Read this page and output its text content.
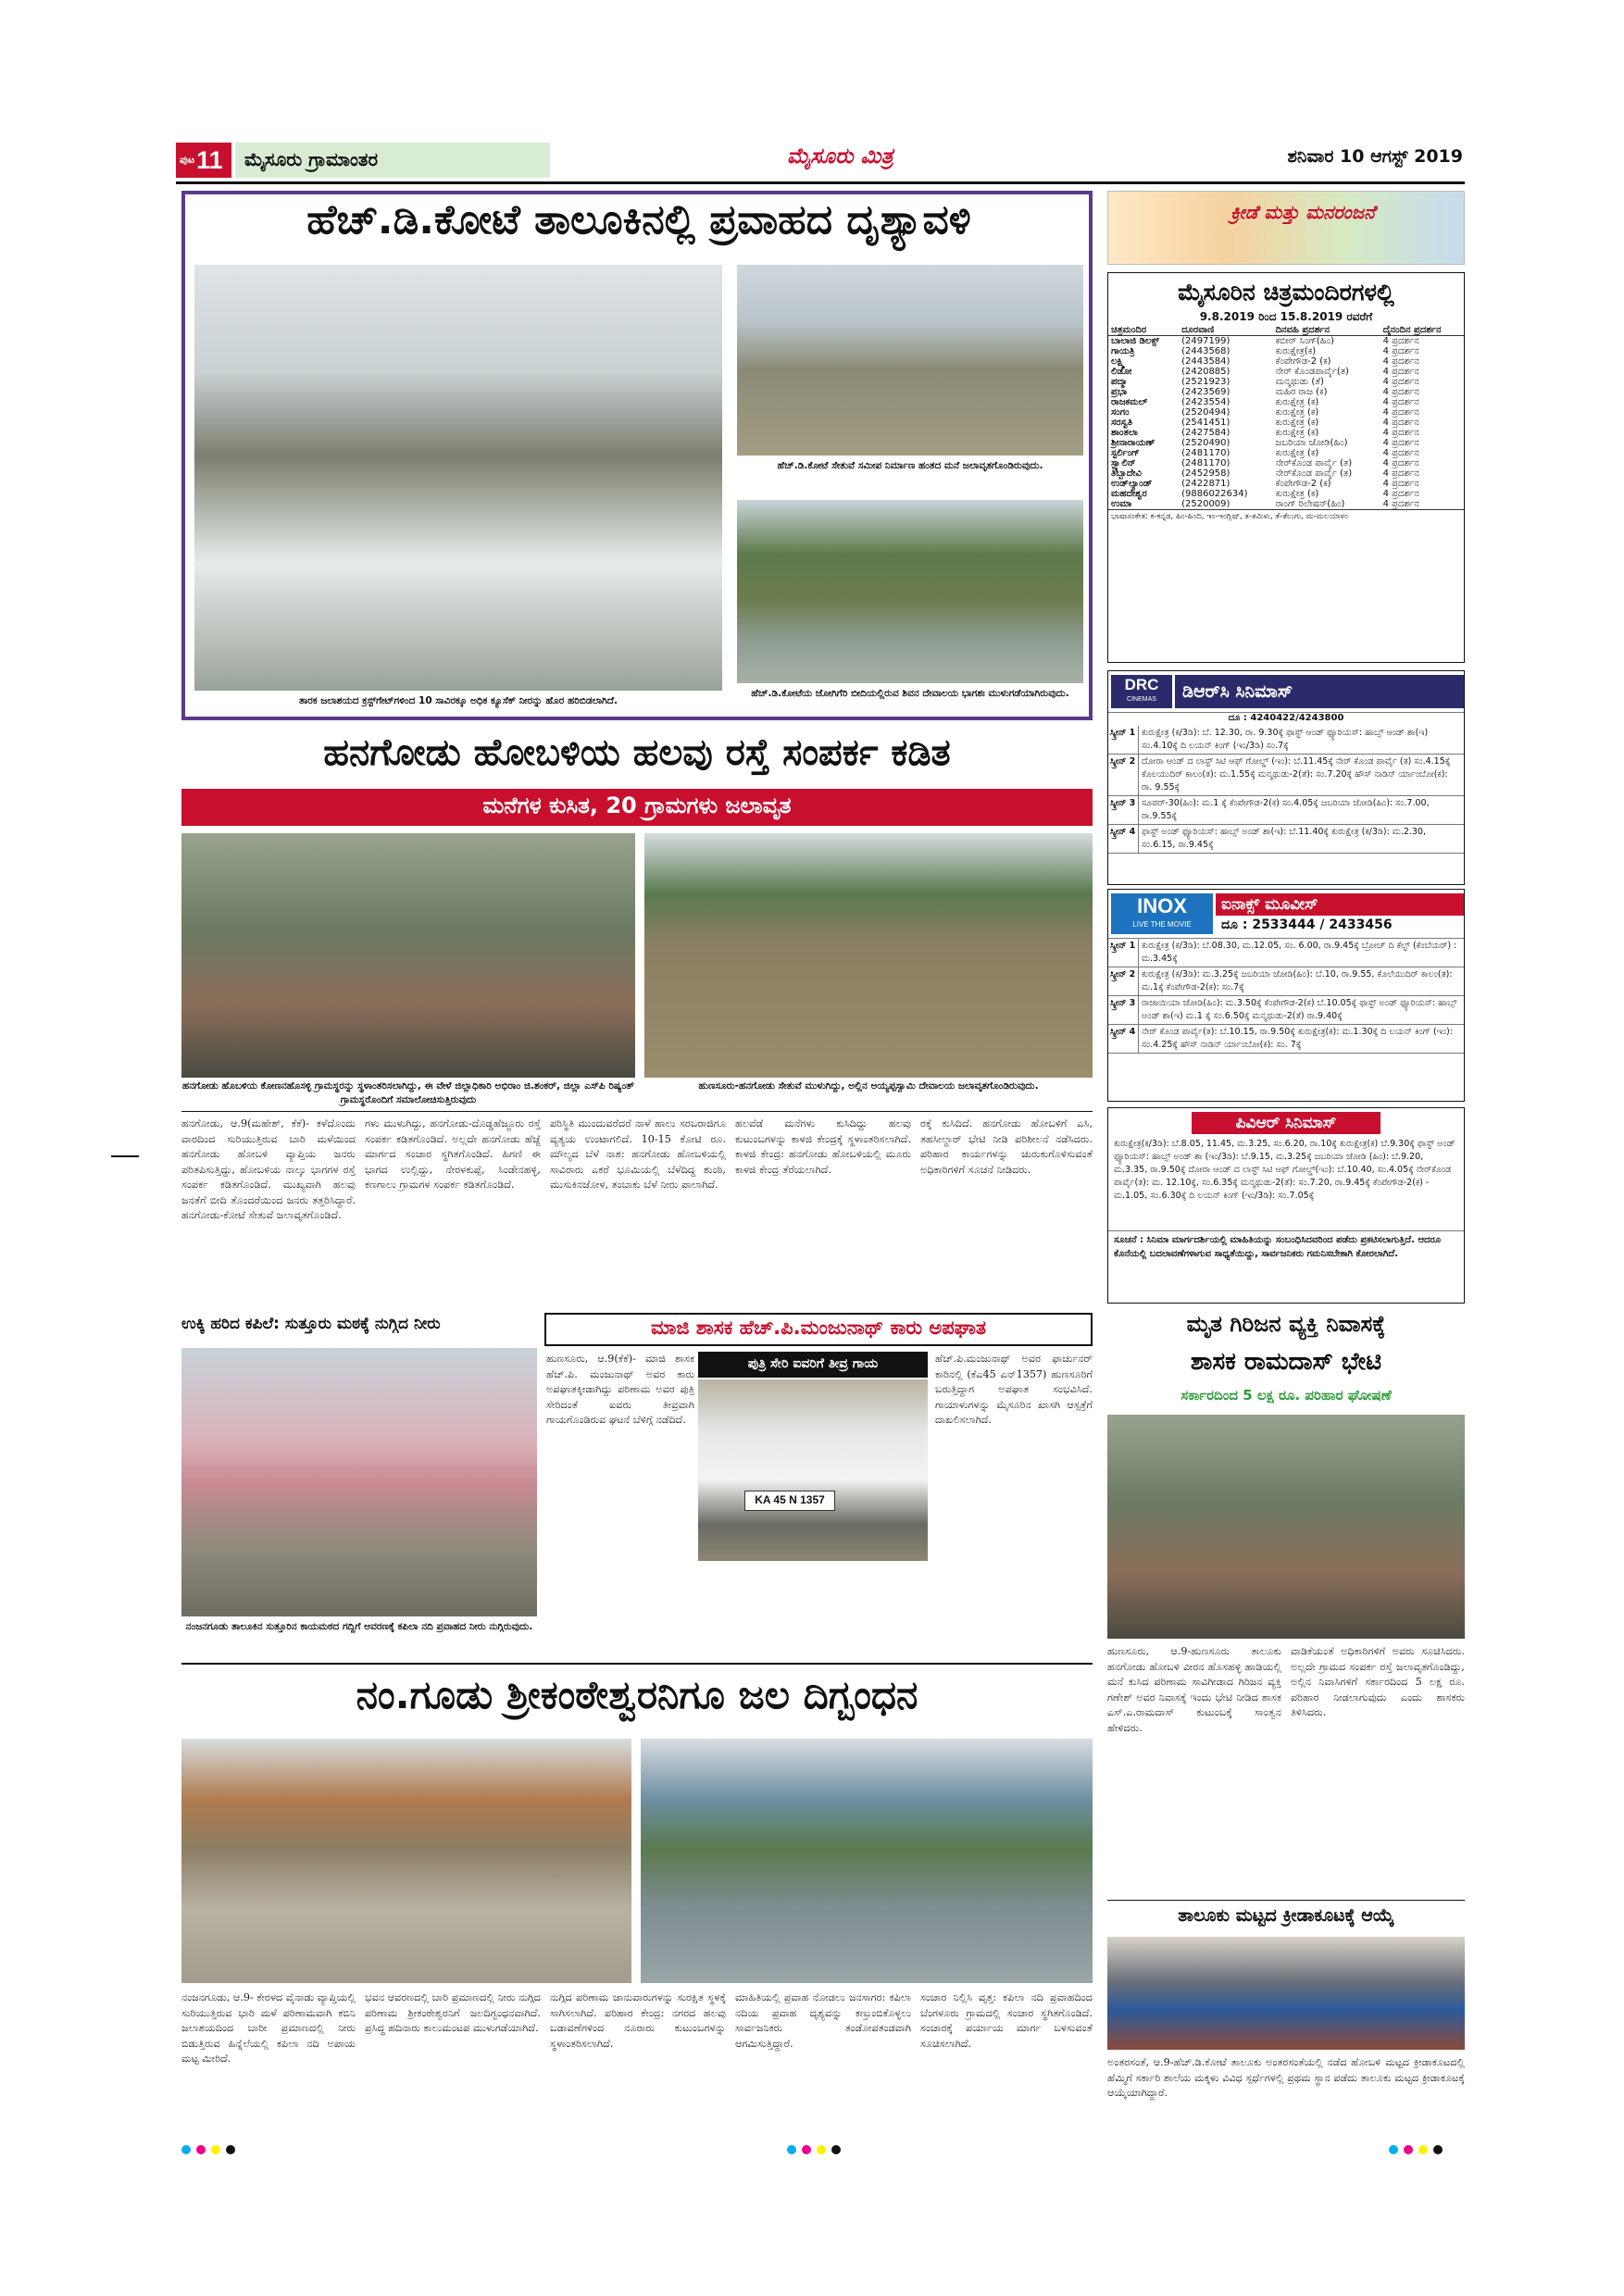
ಪುಟ 11	ಮೈಸೂರು ಗ್ರಾಮಾಂತರ	ಮೈಸೂರು ಮಿತ್ರ	ಶನಿವಾರ 10 ಆಗಸ್ಟ್ 2019
ಹೆಚ್.ಡಿ.ಕೋಟೆ ತಾಲೂಕಿನಲ್ಲಿ ಪ್ರವಾಹದ ದೃಶ್ಯಾವಳಿ
ತಾರಕ ಜಲಾಶಯದ ಕ್ರಸ್ಟ್‌ಗೇಟ್‌ಗಳಿಂದ 10 ಸಾವಿರಕ್ಕೂ ಅಧಿಕ ಕ್ಯೂಸೆಕ್ ನೀರನ್ನು ಹೊರ ಹರಿಬಿಡಲಾಗಿದೆ.
ಹೆಚ್.ಡಿ.ಕೋಟೆ ಸೇತುವೆ ಸಮೀಪ ನಿರ್ಮಾಣ ಹಂತದ ಮನೆ ಜಲಾವೃತಗೊಂಡಿರುವುದು.
ಹೆಚ್.ಡಿ.ಕೋಟೆಯ ಜೋಗಿಗೆರಿ ಬೀದಿಯಲ್ಲಿರುವ ಶಿವನ ದೇವಾಲಯ ಭಾಗಶಃ ಮುಳುಗಡೆಯಾಗಿರುವುದು.
ಹನಗೋಡು ಹೋಬಳಿಯ ಹಲವು ರಸ್ತೆ ಸಂಪರ್ಕ ಕಡಿತ
ಮನೆಗಳ ಕುಸಿತ, 20 ಗ್ರಾಮಗಳು ಜಲಾವೃತ
ಹನಗೋಡು ಹೊಬಳಿಯ ಕೋಣನಹೊಸಳ್ಳಿ ಗ್ರಾಮಸ್ಥರನ್ನು ಸ್ಥಳಾಂತರಿಸಲಾಗಿದ್ದು, ಈ ವೇಳೆ ಜಿಲ್ಲಾಧಿಕಾರಿ ಅಭಿರಾಂ ಜಿ.ಶಂಕರ್, ಜಿಲ್ಲಾ ಎಸ್‌ಪಿ ರಿಷ್ಯಂತ್ ಗ್ರಾಮಸ್ಥರೊಂದಿಗೆ ಸಮಾಲೋಚಿಸುತ್ತಿರುವುದು
ಹುಣಸೂರು-ಹನಗೋಡು ಸೇತುವೆ ಮುಳುಗಿದ್ದು, ಅಲ್ಲಿನ ಅಯ್ಯಪ್ಪಸ್ವಾಮಿ ದೇವಾಲಯ ಜಲಾವೃತಗೊಂಡಿರುವುದು.
ಹನಗೋಡು, ಆ.9(ಮಹೇಶ್, ಕೆಕೆ)- ಕಳೆದೊಂದು ವಾರದಿಂದ ಸುರಿಯುತ್ತಿರುವ ಬಾರಿ ಮಳೆಯಿಂದ ಹನಗೋಡು ಹೋಬಳಿ ವ್ಯಾಪ್ತಿಯ ಜನರು ಪರಿತಪಿಸುತ್ತಿದ್ದು, ಹೋಬಳಿಯ ನಾಲ್ಕು ಭಾಗಗಳ ರಸ್ತೆ ಸಂಪರ್ಕ ಕಡಿತಗೊಂಡಿದೆ. ಮುಖ್ಯವಾಗಿ ಹಲವು ಜನತೆಗೆ ಬೀದಿ ತೊಂದರೆಯಿಂದ ಜನರು ತತ್ತರಿಸಿದ್ದಾರೆ. ಹನಗೋಡು-ಕೋಟೆ ಸೇತುವೆ ಜಲಾವೃತಗೊಂಡಿದೆ.
ಗಳು ಮುಳುಗಿದ್ದು, ಹನಗೋಡು-ದೊಡ್ಡಹೆಜ್ಜೂರು ರಸ್ತೆ ಸಂಪರ್ಕ ಕಡಿತಗೊಂಡಿದೆ. ಅಲ್ಲದೇ ಹನಗೋಡು ಹೆಜ್ಜೆ ಮಾರ್ಗದ ಸಂಚಾರ ಸ್ಥಗಿತಗೊಂಡಿದೆ. ಹಿಗಣಿ ಈ ಭಾಗದ ಉಲ್ಲಿದ್ದು, ನೇರಳಕುಪ್ಪೆ, ಸಿಂಡೇನಹಳ್ಳಿ, ಕಣಗಾಲು ಗ್ರಾಮಗಳ ಸಂಪರ್ಕ ಕಡಿತಗೊಂಡಿದೆ.
ಪರಿಸ್ಥಿತಿ ಮುಂದುವರೆದರೆ ನಾಳೆ ಹಾಲು ಸರಬರಾಜಿಗೂ ವ್ಯತ್ಯಯ ಉಂಟಾಗಲಿದೆ. 10-15 ಕೋಟಿ ರೂ. ಮೌಲ್ಯದ ಬೆಳೆ ನಾಶ: ಹನಗೋಡು ಹೋಬಳಿಯಲ್ಲಿ ಸಾವಿರಾರು ಎಕರೆ ಭೂಮಿಯಲ್ಲಿ ಬೆಳೆದಿದ್ದ ಶುಂಠಿ, ಮುಸುಕಿನಜೋಳ, ತಂಬಾಕು ಬೆಳೆ ನೀರು ಪಾಲಾಗಿದೆ.
ಹಲವೆಡೆ ಮನೆಗಳು ಕುಸಿದಿದ್ದು ಹಲವು ಕುಟುಂಬಗಳನ್ನು ಕಾಳಜಿ ಕೇಂದ್ರಕ್ಕೆ ಸ್ಥಳಾಂತರಿಸಲಾಗಿದೆ. ಕಾಳಜಿ ಕೇಂದ್ರ: ಹನಗೋಡು ಹೋಬಳಿಯಲ್ಲಿ ಮೂರು ಕಾಳಜಿ ಕೇಂದ್ರ ತೆರೆಯಲಾಗಿದೆ.
ರಕ್ಕೆ ಕುಸಿದಿದೆ. ಹನಗೋಡು ಹೋಬಳಿಗೆ ಎಸಿ, ತಹಸೀಲ್ದಾರ್ ಭೇಟಿ ನೀಡಿ ಪರಿಶೀಲನೆ ನಡೆಸಿದರು. ಪರಿಹಾರ ಕಾರ್ಯಗಳನ್ನು ಚುರುಕುಗೊಳಿಸುವಂತೆ ಅಧಿಕಾರಿಗಳಿಗೆ ಸೂಚನೆ ನೀಡಿದರು.
ಉಕ್ಕಿ ಹರಿದ ಕಪಿಲೆ: ಸುತ್ತೂರು ಮಠಕ್ಕೆ ನುಗ್ಗಿದ ನೀರು
ನಂಜನಗೂಡು ತಾಲೂಕಿನ ಸುತ್ತೂರಿನ ಕಾಯಮಠದ ಗದ್ದಿಗೆ ಆವರಣಕ್ಕೆ ಕಪಿಲಾ ನದಿ ಪ್ರವಾಹದ ನೀರು ನುಗ್ಗಿರುವುದು.
ಮಾಜಿ ಶಾಸಕ ಹೆಚ್.ಪಿ.ಮಂಜುನಾಥ್ ಕಾರು ಅಪಘಾತ
ಹುಣಸೂರು, ಆ.9(ಕೆಕೆ)- ಮಾಜಿ ಶಾಸಕ ಹೆಚ್.ಪಿ. ಮಂಜುನಾಥ್ ಅವರ ಕಾರು ಅಪಘಾತಕ್ಕೀಡಾಗಿದ್ದು ಪರಿಣಾಮ ಅವರ ಪುತ್ರಿ ಸೇರಿದಂತೆ ಐವರು ತೀವ್ರವಾಗಿ ಗಾಯಗೊಂಡಿರುವ ಘಟನೆ ಬೆಳಿಗ್ಗೆ ನಡೆದಿದೆ.
ಪುತ್ರಿ ಸೇರಿ ಐವರಿಗೆ ತೀವ್ರ ಗಾಯ
KA 45 N 1357
ಹೆಚ್.ಪಿ.ಮಂಜುನಾಥ್ ಅವರ ಫಾರ್ಚುನರ್ ಕಾರಿನಲ್ಲಿ (ಕೆಎ45 ಎನ್1357) ಹುಣಸೂರಿಗೆ ಬರುತ್ತಿದ್ದಾಗ ಅಪಘಾತ ಸಂಭವಿಸಿದೆ. ಗಾಯಾಳುಗಳನ್ನು ಮೈಸೂರಿನ ಖಾಸಗಿ ಆಸ್ಪತ್ರೆಗೆ ದಾಖಲಿಸಲಾಗಿದೆ.
ನಂ.ಗೂಡು ಶ್ರೀಕಂಠೇಶ್ವರನಿಗೂ ಜಲ ದಿಗ್ಬಂಧನ
ನಂಜನಗೂಡು, ಆ.9- ಕೇರಳದ ವೈನಾಡು ವ್ಯಾಪ್ತಿಯಲ್ಲಿ ಸುರಿಯುತ್ತಿರುವ ಭಾರಿ ಮಳೆ ಪರಿಣಾಮವಾಗಿ ಕಬಿನಿ ಜಲಾಶಯದಿಂದ ಬಾರೀ ಪ್ರಮಾಣದಲ್ಲಿ ನೀರು ಬಿಡುತ್ತಿರುವ ಹಿನ್ನೆಲೆಯಲ್ಲಿ ಕಪಿಲಾ ನದಿ ಅಪಾಯ ಮಟ್ಟ ಮೀರಿದೆ.
ಭವನ ಆವರಣದಲ್ಲಿ ಬಾರಿ ಪ್ರಮಾಣದಲ್ಲಿ ನೀರು ನುಗ್ಗಿದ ಪರಿಣಾಮ ಶ್ರೀಕಂಠೇಶ್ವರನಿಗೆ ಜಲದಿಗ್ಬಂಧನವಾಗಿದೆ. ಪ್ರಸಿದ್ಧ ಹದಿನಾರು ಕಾಲುಮಂಟಪ ಮುಳುಗಡೆಯಾಗಿದೆ.
ನುಗ್ಗಿದ ಪರಿಣಾಮ ಜಾನುವಾರುಗಳನ್ನು ಸುರಕ್ಷಿತ ಸ್ಥಳಕ್ಕೆ ಸಾಗಿಸಲಾಗಿದೆ. ಪರಿಹಾರ ಕೇಂದ್ರ: ನಗರದ ಹಲವು ಬಡಾವಣೆಗಳಿಂದ ನೂರಾರು ಕುಟುಂಬಗಳನ್ನು ಸ್ಥಳಾಂತರಿಸಲಾಗಿದೆ.
ಮಾಹಿತಿಯಲ್ಲಿ ಪ್ರವಾಹ ನೋಡಲು ಜನಸಾಗರ: ಕಪಿಲಾ ನದಿಯ ಪ್ರವಾಹ ದೃಶ್ಯವನ್ನು ಕಣ್ತುಂಬಿಕೊಳ್ಳಲು ಸಾರ್ವಜನಿಕರು ತಂಡೋಪತಂಡವಾಗಿ ಆಗಮಿಸುತ್ತಿದ್ದಾರೆ.
ಸಂಚಾರ ನಿಲ್ಲಿಸಿ ವೃತ್ತ: ಕಪಿಲಾ ನದಿ ಪ್ರವಾಹದಿಂದ ಬೆಂಗಳೂರು ಗ್ರಾಮದಲ್ಲಿ ಸಂಚಾರ ಸ್ಥಗಿತಗೊಂಡಿದೆ. ಸಂಚಾರಕ್ಕೆ ಪರ್ಯಾಯ ಮಾರ್ಗ ಬಳಸುವಂತೆ ಸೂಚಿಸಲಾಗಿದೆ.
ಕ್ರೀಡೆ ಮತ್ತು ಮನರಂಜನೆ
ಮೈಸೂರಿನ ಚಿತ್ರಮಂದಿರಗಳಲ್ಲಿ
9.8.2019 ರಿಂದ 15.8.2019 ರವರೆಗೆ
ಚಿತ್ರಮಂದಿರ	ದೂರವಾಣಿ	ದಿನವಹಿ ಪ್ರದರ್ಶನ	ದೈನಂದಿನ ಪ್ರದರ್ಶನ
ಬಾಲಾಜಿ ಡಿಲಕ್ಸ್	(2497199)	ಕಬೀರ್ ಸಿಂಗ್(ಹಿಂ)	4 ಪ್ರದರ್ಶನ
ಗಾಯತ್ರಿ	(2443568)	ಕುರುಕ್ಷೇತ್ರ(ಕ)	4 ಪ್ರದರ್ಶನ
ಲಕ್ಷ್ಮಿ	(2443584)	ಕೆಂಪೇಗೌಡ-2 (ಕ)	4 ಪ್ರದರ್ಶನ
ಲಿಡೋ	(2420885)	ನೇರ್ ಕೊಂಡಪಾರ್ವೈ(ತ)	4 ಪ್ರದರ್ಶನ
ಪದ್ಮಾ	(2521923)	ಮನ್ಮಥುಡು (ತೆ)	4 ಪ್ರದರ್ಶನ
ಪ್ರಭಾ	(2423569)	ಮಹಿರ ರಾಜ (ಕ)	4 ಪ್ರದರ್ಶನ
ರಾಜಕಮಲ್	(2423554)	ಕುರುಕ್ಷೇತ್ರ (ಕ)	4 ಪ್ರದರ್ಶನ
ಸಂಗಂ	(2520494)	ಕುರುಕ್ಷೇತ್ರ (ಕ)	4 ಪ್ರದರ್ಶನ
ಸರಸ್ವತಿ	(2541451)	ಕುರುಕ್ಷೇತ್ರ (ಕ)	4 ಪ್ರದರ್ಶನ
ಶಾಂತಲಾ	(2427584)	ಕುರುಕ್ಷೇತ್ರ (ಕ)	4 ಪ್ರದರ್ಶನ
ಶ್ರೀನಾರಾಯಣ್	(2520490)	ಜಬರಿಯಾ ಜೋಡಿ(ಹಿಂ)	4 ಪ್ರದರ್ಶನ
ಸ್ಟರ್ಲಿಂಗ್	(2481170)	ಕುರುಕ್ಷೇತ್ರ (ಕ)	4 ಪ್ರದರ್ಶನ
ಸ್ಟ್ಯಾಲಿನ್	(2481170)	ನೇರ್‌ಕೊಂಡ ಪಾರ್ವೈ (ತ)	4 ಪ್ರದರ್ಶನ
ತಿಬ್ಬಾದೇವಿ	(2452958)	ನೇರ್‌ಕೊಂಡ ಪಾರ್ವೈ (ತ)	4 ಪ್ರದರ್ಶನ
ಉಡ್‌ಲ್ಯಾಂಡ್	(2422871)	ಕೆಂಪೇಗೌಡ-2 (ಕ)	4 ಪ್ರದರ್ಶನ
ಮಹದೇಶ್ವರ	(9886022634)	ಕುರುಕ್ಷೇತ್ರ (ಕ)	4 ಪ್ರದರ್ಶನ
ಉಮಾ	(2520009)	ರಾಂಗ್ ರಿಲೇಷನ್(ಹಿಂ)	4 ಪ್ರದರ್ಶನ
ಭಾಷಾಸಂಕೇತ: ಕ-ಕನ್ನಡ, ಹಿಂ-ಹಿಂದಿ, ಇಂ-ಇಂಗ್ಲಿಷ್, ತ-ತಮಿಳು, ತೆ-ತೆಲುಗು, ಮ-ಮಲಯಾಳಂ
DRC
CINEMAS	ಡಿಆರ್‌ಸಿ ಸಿನಿಮಾಸ್
ದೂ : 4240422/4243800
ಸ್ಕ್ರೀನ್ 1 ಕುರುಕ್ಷೇತ್ರ (ಕ/3ಡಿ): ಬೆ. 12.30, ರಾ. 9.30ಕ್ಕೆ ಫಾಸ್ಟ್ ಆಂಡ್ ಫ್ಯೂರಿಯಸ್: ಹಾಬ್ಸ್ ಆಂಡ್ ಶಾ(ಇ) ಸಂ.4.10ಕ್ಕೆ ದಿ ಲಯನ್ ಕಿಂಗ್ (ಇಂ/3ಡಿ) ಸಂ.7ಕ್ಕೆ
ಸ್ಕ್ರೀನ್ 2 ದೋರಾ ಆಂಡ್ ದ ಲಾಸ್ಟ್ ಸಿಟಿ ಆಫ್ ಗೋಲ್ಡ್ (ಇಂ): ಬೆ.11.45ಕ್ಕೆ ನೇರ್ ಕೊಂಡ ಪಾರ್ವೈ (ತ) ಸಂ.4.15ಕ್ಕೆ ಕೊಲಯುದಿರ್ ಕಾಲಂ(ತ): ಮ.1.55ಕ್ಕೆ ಮನ್ಮಥುಡು-2(ತೆ): ಸಂ.7.20ಕ್ಕೆ ಹೌಸ್ ನಾಡಿನ್ ರ್ಯಾಂಬೋ(ಕ): ರಾ. 9.55ಕ್ಕೆ
ಸ್ಕ್ರೀನ್ 3 ಸೂಪರ್-30(ಹಿಂ): ಮ.1 ಕ್ಕೆ ಕೆಂಪೇಗೌಡ-2(ಕ) ಸಂ.4.05ಕ್ಕೆ ಜಬರಿಯಾ ಜೋಡಿ(ಹಿಂ): ಸಂ.7.00, ರಾ.9.55ಕ್ಕೆ
ಸ್ಕ್ರೀನ್ 4 ಫಾಸ್ಟ್ ಅಂಡ್ ಫ್ಯೂರಿಯಸ್: ಹಾಬ್ಸ್ ಅಂಡ್ ಶಾ(ಇ): ಬೆ.11.40ಕ್ಕೆ ಕುರುಕ್ಷೇತ್ರ (ಕ/3ಡಿ): ಮ.2.30, ಸಂ.6.15, ರಾ.9.45ಕ್ಕೆ
INOX
LIVE THE MOVIE
ಐನಾಕ್ಸ್ ಮೂವೀಸ್
ದೂ : 2533444 / 2433456
ಸ್ಕ್ರೀನ್ 1 ಕುರುಕ್ಷೇತ್ರ (ಕ/3ಡಿ): ಬೆ.08.30, ಮ.12.05, ಸಂ. 6.00, ರಾ.9.45ಕ್ಕೆ ಬ್ರೋಚ್ ದಿ ಕೆಲ್ಟ್ (ಕೆಂಬೆಯರ್) : ಮ.3.45ಕ್ಕೆ
ಸ್ಕ್ರೀನ್ 2 ಕುರುಕ್ಷೇತ್ರ (ಕ/3ಡಿ): ಮ.3.25ಕ್ಕೆ ಜಬರಿಯಾ ಜೋಡಿ(ಹಿಂ): ಬೆ.10, ರಾ.9.55, ಕೊಲೆಯುದಿರ್ ಕಾಲಂ(ತ): ಮ.1ಕ್ಕೆ ಕೆಂಪೇಗೌಡ-2(ಕ): ಸಂ.7ಕ್ಕೆ
ಸ್ಕ್ರೀನ್ 3 ರಾಜಾಯಿಯಾ ಜೋಡಿ(ಹಿಂ): ಮ.3.50ಕ್ಕೆ ಕೆಂಪೇಗೌಡ-2(ಕ) ಬೆ.10.05ಕ್ಕೆ ಫಾಸ್ಟ್ ಅಂಡ್ ಫ್ಯೂರಿಯಸ್: ಹಾಬ್ಸ್ ಅಂಡ್ ಶಾ(ಇ) ಮ.1 ಕ್ಕೆ ಸಂ.6.50ಕ್ಕೆ ಮನ್ಮಥುಡು-2(ತೆ) ರಾ.9.40ಕ್ಕೆ
ಸ್ಕ್ರೀನ್ 4 ನೇರ್ ಕೊಂಡ ಪಾರ್ವೈ(ತ): ಬೆ.10.15, ರಾ.9.50ಕ್ಕೆ ಕುರುಕ್ಷೇತ್ರ(ಕ): ಮ.1.30ಕ್ಕೆ ದಿ ಲಯನ್ ಕಿಂಗ್ (ಇಂ): ಸಂ.4.25ಕ್ಕೆ ಹೌಸ್ ನಾಡಿನ್ ರ್ಯಾಂಬೋ(ಕ): ಸಂ. 7ಕ್ಕೆ
ಪಿವಿಆರ್ ಸಿನಿಮಾಸ್
ಕುರುಕ್ಷೇತ್ರ(ಕ/3ಡಿ): ಬೆ.8.05, 11.45, ಮ.3.25, ಸಂ.6.20, ರಾ.10ಕ್ಕೆ ಕುರುಕ್ಷೇತ್ರ(ಕ) ಬೆ.9.30ಕ್ಕೆ ಫಾಸ್ಟ್ ಅಂಡ್ ಫ್ಯೂರಿಯಸ್: ಹಾಬ್ಸ್ ಅಂಡ್ ಶಾ (ಇಂ/3ಡಿ): ಬೆ.9.15, ಮ.3.25ಕ್ಕೆ ಜಬರಿಯಾ ಜೋಡಿ (ಹಿಂ): ಬೆ.9.20, ಮ.3.35, ರಾ.9.50ಕ್ಕೆ ದೋರಾ ಆಂಡ್ ದ ಲಾಸ್ಟ್ ಸಿಟಿ ಆಫ್ ಗೋಲ್ಡ್(ಇಂ): ಬೆ.10.40, ಸಂ.4.05ಕ್ಕೆ ನೇರ್‌ಕೊಂಡ ಪಾರ್ವೈ(ತ): ಮ. 12.10ಕ್ಕೆ, ಸಂ.6.35ಕ್ಕೆ ಮನ್ಮಥುಡು-2(ತೆ): ಸಂ.7.20, ರಾ.9.45ಕ್ಕೆ ಕೆಂಪೇಗೌಡ-2(ಕ) - ಮ.1.05, ಸಂ.6.30ಕ್ಕೆ ದಿ ಲಯನ್ ಕಿಂಗ್ (ಇಂ/3ಡಿ): ಸಂ.7.05ಕ್ಕೆ
ಸೂಚನೆ : ಸಿನಿಮಾ ಮಾರ್ಗದರ್ಶಿಯಲ್ಲಿ ಮಾಹಿತಿಯನ್ನು ಸಂಬಂಧಿಸಿದವರಿಂದ ಪಡೆದು ಪ್ರಕಟಿಸಲಾಗುತ್ತಿದೆ. ಆದರೂ ಕೊನೆಯಲ್ಲಿ ಬದಲಾವಣೆಗಳಾಗುವ ಸಾಧ್ಯತೆಯಿದ್ದು, ಸಾರ್ವಜನಿಕರು ಗಮನಿಸಬೇಕಾಗಿ ಕೋರಲಾಗಿದೆ.
ಮೃತ ಗಿರಿಜನ ವ್ಯಕ್ತಿ ನಿವಾಸಕ್ಕೆ
ಶಾಸಕ ರಾಮದಾಸ್ ಭೇಟಿ
ಸರ್ಕಾರದಿಂದ 5 ಲಕ್ಷ ರೂ. ಪರಿಹಾರ ಘೋಷಣೆ
ಹುಣಸೂರು, ಆ.9-ಹುಣಸೂರು ತಾಲೂಕು ಹನಗೋಡು ಹೋಬಳಿ ವೀರನ ಹೊಸಹಳ್ಳಿ ಹಾಡಿಯಲ್ಲಿ ಮನೆ ಕುಸಿದ ಪರಿಣಾಮ ಸಾವಿಗೀಡಾದ ಗಿರಿಜನ ವ್ಯಕ್ತಿ ಗಣೇಶ್ ಅವರ ನಿವಾಸಕ್ಕೆ ಇಂದು ಭೇಟಿ ನೀಡಿದ ಶಾಸಕ ಎಸ್.ಎ.ರಾಮದಾಸ್ ಕುಟುಂಬಕ್ಕೆ ಸಾಂತ್ವನ ಹೇಳಿದರು.
ವಾಡಿಕೆಯಂತೆ ಅಧಿಕಾರಿಗಳಿಗೆ ಅವರು ಸೂಚಿಸಿದರು. ಅಲ್ಲದೇ ಗ್ರಾಮದ ಸಂಪರ್ಕ ರಸ್ತೆ ಜಲಾವೃತಗೊಂಡಿದ್ದು, ಅಲ್ಲಿನ ನಿವಾಸಿಗಳಿಗೆ ಸರ್ಕಾರದಿಂದ 5 ಲಕ್ಷ ರೂ. ಪರಿಹಾರ ನೀಡಲಾಗುವುದು ಎಂದು ಶಾಸಕರು ತಿಳಿಸಿದರು.
ತಾಲೂಕು ಮಟ್ಟದ ಕ್ರೀಡಾಕೂಟಕ್ಕೆ ಆಯ್ಕೆ
ಅಂತರಸಂತೆ, ಆ.9-ಹೆಚ್.ಡಿ.ಕೋಟೆ ತಾಲೂಕು ಅಂತರಸಂತೆಯಲ್ಲಿ ನಡೆದ ಹೋಬಳಿ ಮಟ್ಟದ ಕ್ರೀಡಾಕೂಟದಲ್ಲಿ ಹೆಮ್ಮಿಗೆ ಸರ್ಕಾರಿ ಶಾಲೆಯ ಮಕ್ಕಳು ವಿವಿಧ ಸ್ಪರ್ಧೆಗಳಲ್ಲಿ ಪ್ರಥಮ ಸ್ಥಾನ ಪಡೆದು ತಾಲೂಕು ಮಟ್ಟದ ಕ್ರೀಡಾಕೂಟಕ್ಕೆ ಆಯ್ಕೆಯಾಗಿದ್ದಾರೆ.
